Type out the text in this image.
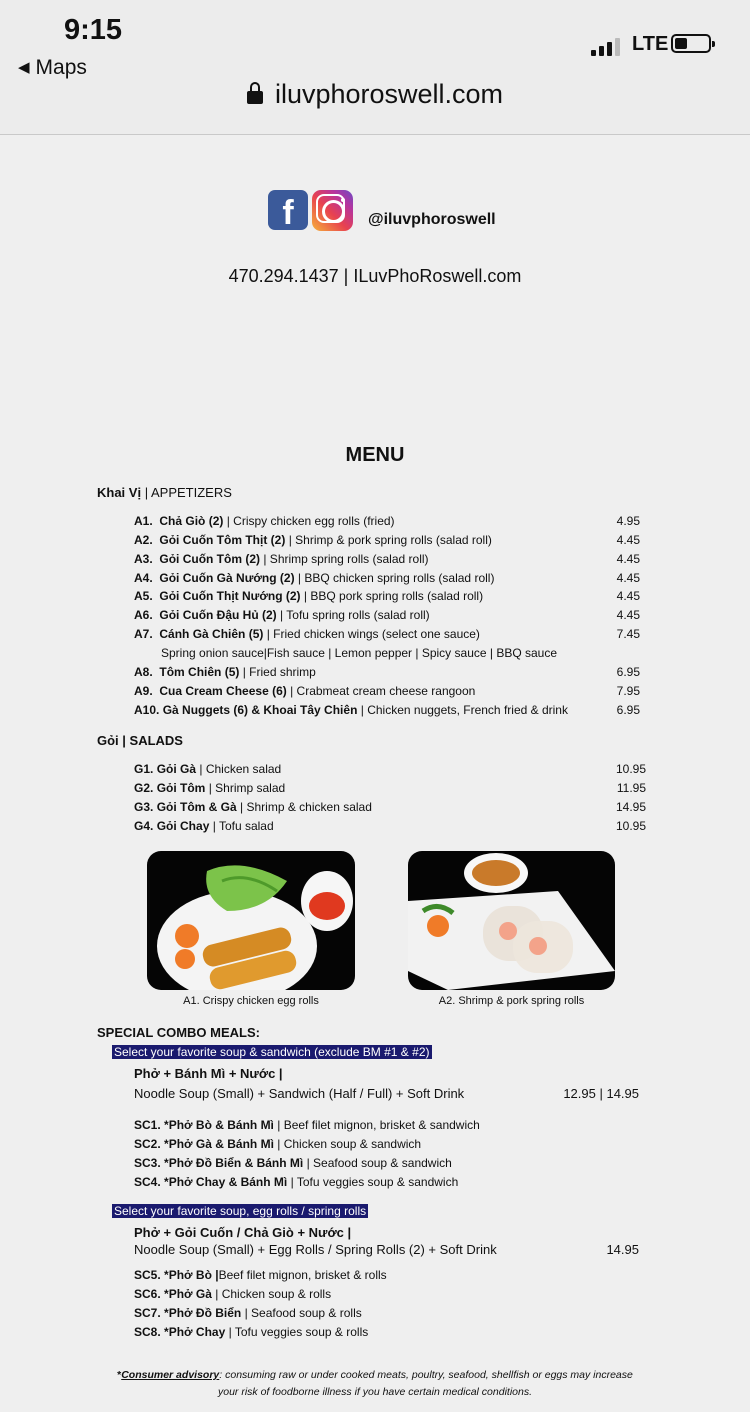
9:15
◀ Maps
LTE
iluvphoroswell.com
f	@iluvphoroswell
470.294.1437 | ILuvPhoRoswell.com
MENU
Khai Vị | APPETIZERS
A1. Chả Giò (2) | Crispy chicken egg rolls (fried)	4.95
A2. Gỏi Cuốn Tôm Thịt (2) | Shrimp & pork spring rolls (salad roll)	4.45
A3. Gỏi Cuốn Tôm (2) | Shrimp spring rolls (salad roll)	4.45
A4. Gỏi Cuốn Gà Nướng (2) | BBQ chicken spring rolls (salad roll)	4.45
A5. Gỏi Cuốn Thịt Nướng (2) | BBQ pork spring rolls (salad roll)	4.45
A6. Gỏi Cuốn Đậu Hủ (2) | Tofu spring rolls (salad roll)	4.45
A7. Cánh Gà Chiên (5) | Fried chicken wings (select one sauce)	7.45
Spring onion sauce|Fish sauce | Lemon pepper | Spicy sauce | BBQ sauce
A8. Tôm Chiên (5) | Fried shrimp	6.95
A9. Cua Cream Cheese (6) | Crabmeat cream cheese rangoon	7.95
A10. Gà Nuggets (6) & Khoai Tây Chiên | Chicken nuggets, French fried & drink	6.95
Gỏi | SALADS
G1. Gỏi Gà | Chicken salad	10.95
G2. Gỏi Tôm | Shrimp salad	11.95
G3. Gỏi Tôm & Gà | Shrimp & chicken salad	14.95
G4. Gỏi Chay | Tofu salad	10.95
A1. Crispy chicken egg rolls	A2. Shrimp & pork spring rolls
SPECIAL COMBO MEALS:
Select your favorite soup & sandwich (exclude BM #1 & #2)
Phở + Bánh Mì + Nước |
Noodle Soup (Small) + Sandwich (Half / Full) + Soft Drink	12.95 | 14.95
SC1. *Phở Bò & Bánh Mì | Beef filet mignon, brisket & sandwich
SC2. *Phở Gà & Bánh Mì | Chicken soup & sandwich
SC3. *Phở Đồ Biển & Bánh Mì | Seafood soup & sandwich
SC4. *Phở Chay & Bánh Mì | Tofu veggies soup & sandwich
Select your favorite soup, egg rolls / spring rolls
Phở + Gỏi Cuốn / Chả Giò + Nước |
Noodle Soup (Small) + Egg Rolls / Spring Rolls (2) + Soft Drink	14.95
SC5. *Phở Bò |Beef filet mignon, brisket & rolls
SC6. *Phở Gà | Chicken soup & rolls
SC7. *Phở Đồ Biển | Seafood soup & rolls
SC8. *Phở Chay | Tofu veggies soup & rolls
*Consumer advisory: consuming raw or under cooked meats, poultry, seafood, shellfish or eggs may increase
your risk of foodborne illness if you have certain medical conditions.
